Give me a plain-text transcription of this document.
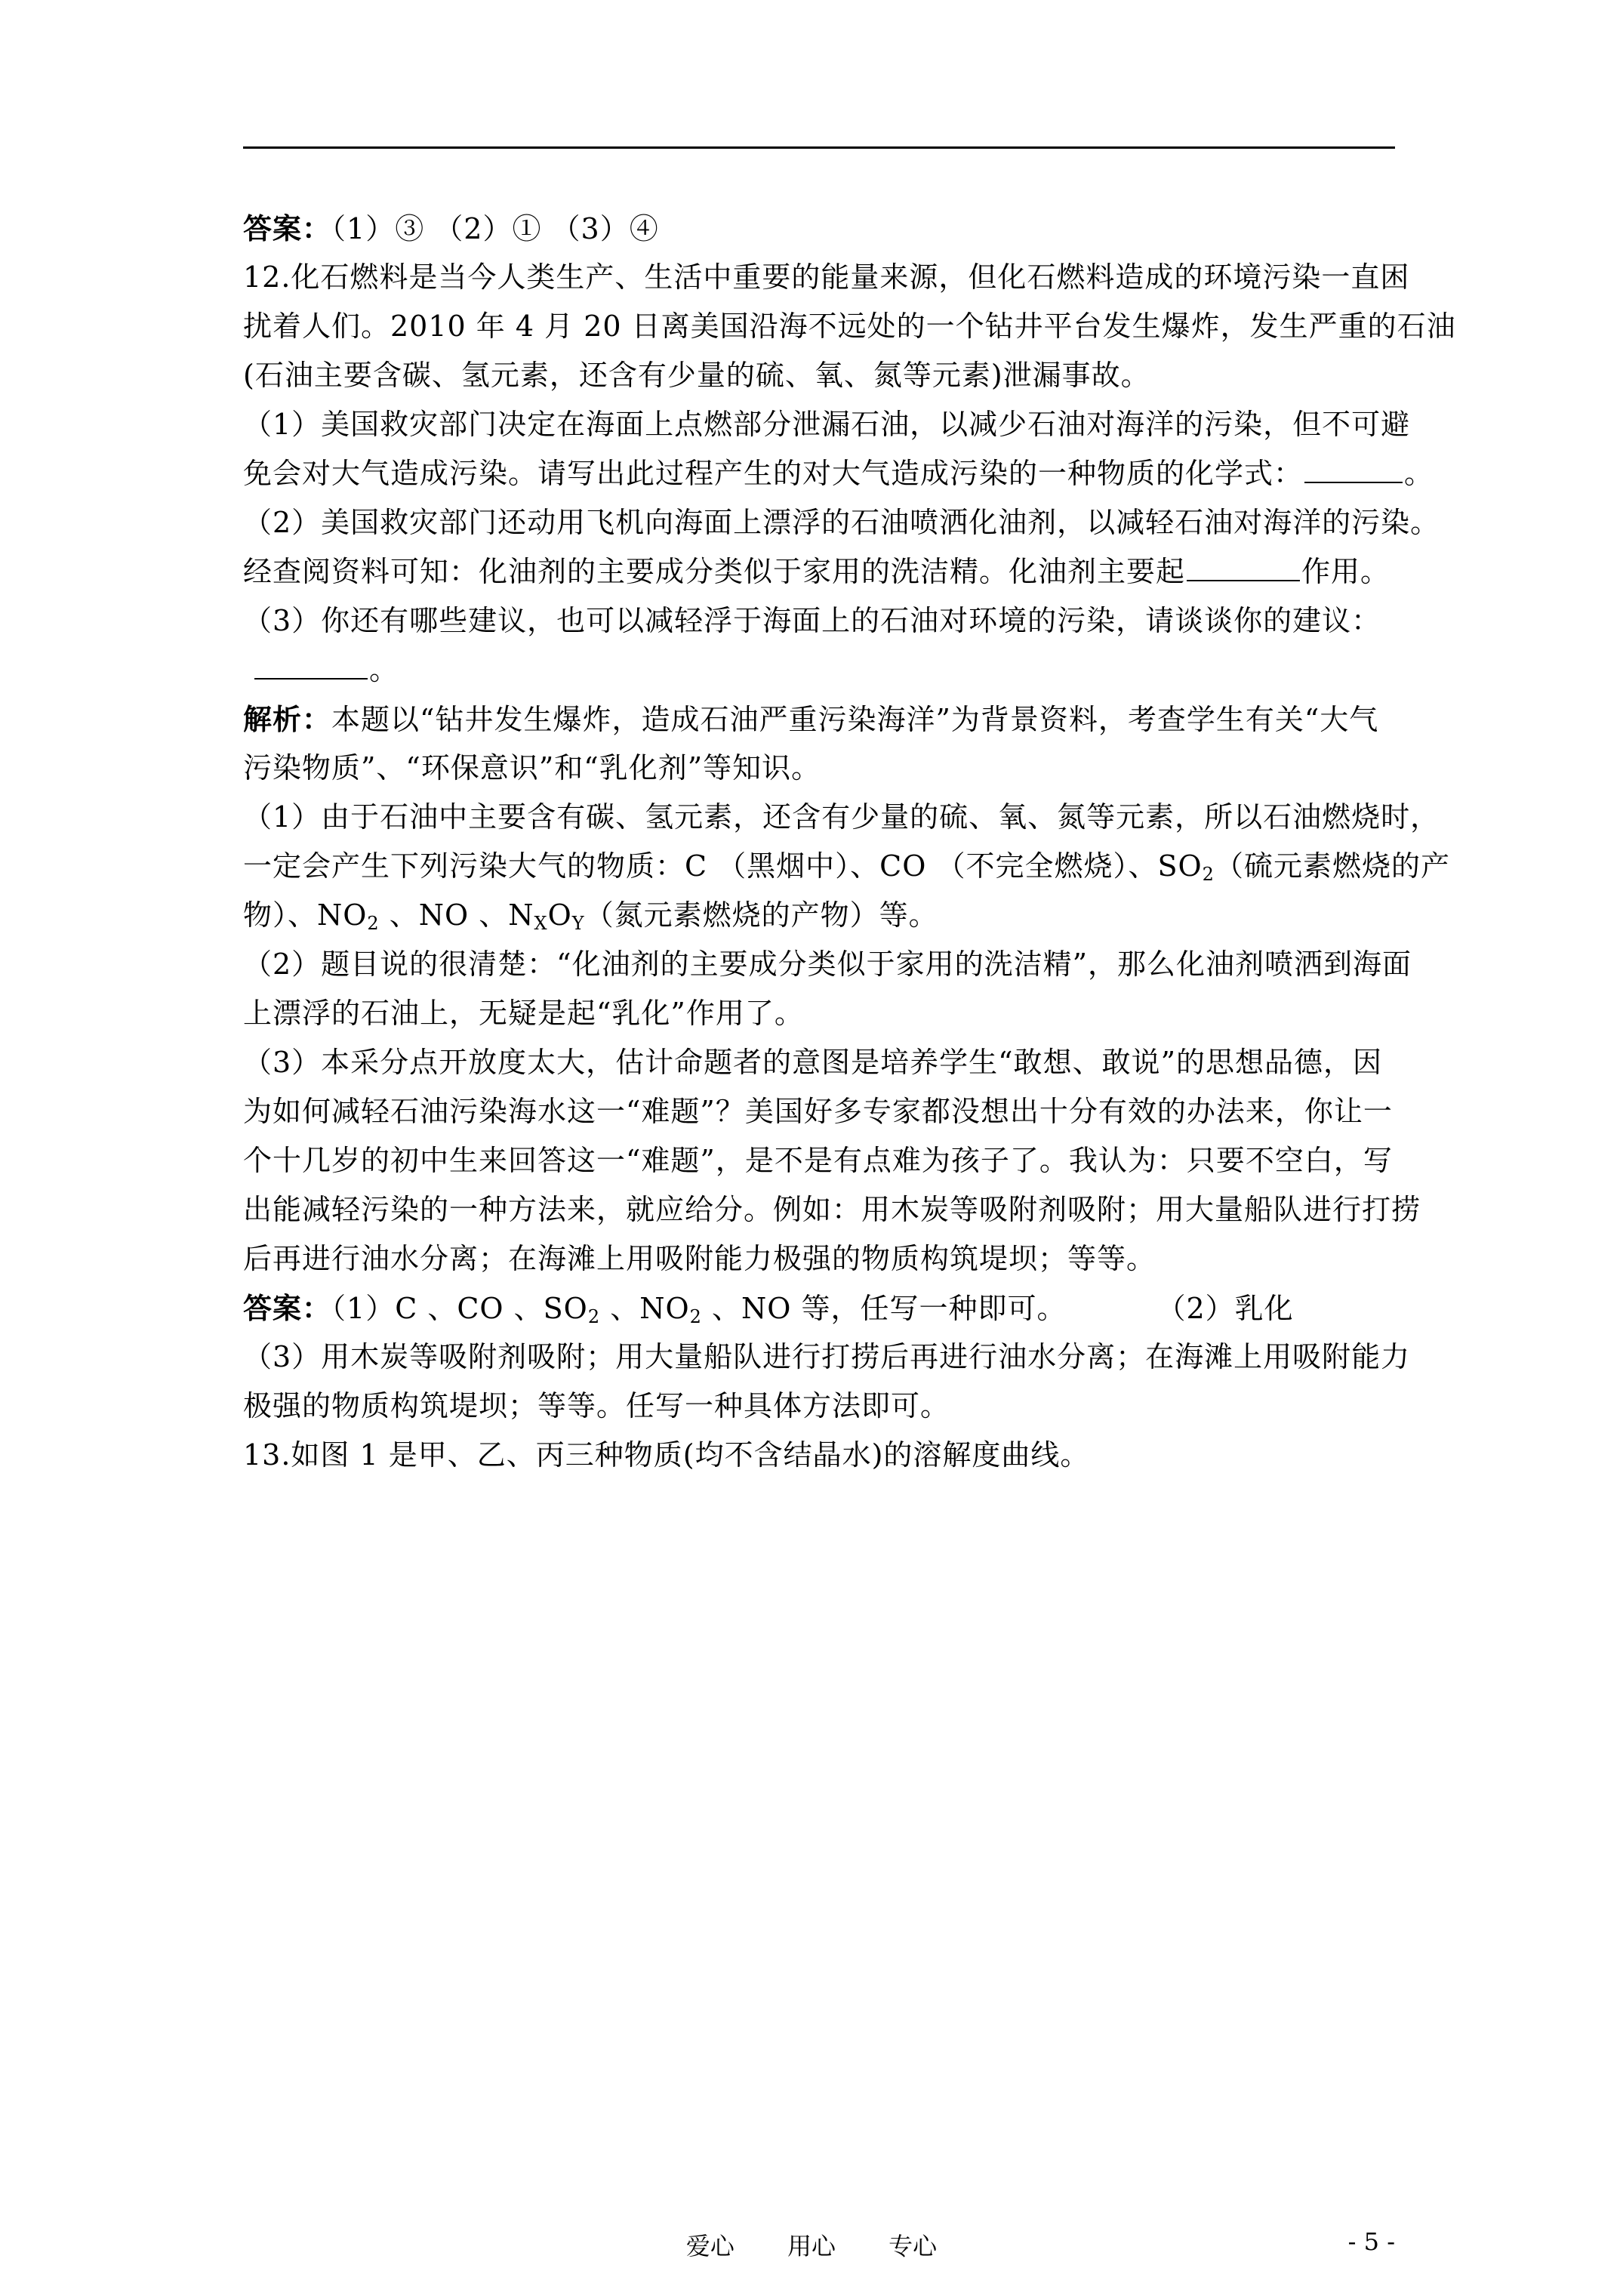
答案：（1）③ （2）① （3）④
12.化石燃料是当今人类生产、生活中重要的能量来源，但化石燃料造成的环境污染一直困
扰着人们。2010 年 4 月 20 日离美国沿海不远处的一个钻井平台发生爆炸，发生严重的石油
(石油主要含碳、氢元素，还含有少量的硫、氧、氮等元素)泄漏事故。
（1）美国救灾部门决定在海面上点燃部分泄漏石油，以减少石油对海洋的污染，但不可避
免会对大气造成污染。请写出此过程产生的对大气造成污染的一种物质的化学式：	。
（2）美国救灾部门还动用飞机向海面上漂浮的石油喷洒化油剂，以减轻石油对海洋的污染。
经查阅资料可知：化油剂的主要成分类似于家用的洗洁精。化油剂主要起	作用。
（3）你还有哪些建议，也可以减轻浮于海面上的石油对环境的污染，请谈谈你的建议：
。
解析：本题以“钻井发生爆炸，造成石油严重污染海洋”为背景资料，考查学生有关“大气
污染物质”、“环保意识”和“乳化剂”等知识。
（1）由于石油中主要含有碳、氢元素，还含有少量的硫、氧、氮等元素，所以石油燃烧时，
一定会产生下列污染大气的物质：C （黑烟中）、CO （不完全燃烧）、$SO_2$（硫元素燃烧的产
物）、$NO_2$ 、NO 、$N_XO_Y$（氮元素燃烧的产物）等。
（2）题目说的很清楚：“化油剂的主要成分类似于家用的洗洁精”，那么化油剂喷洒到海面
上漂浮的石油上，无疑是起“乳化”作用了。
（3）本采分点开放度太大，估计命题者的意图是培养学生“敢想、敢说”的思想品德，因
为如何减轻石油污染海水这一“难题”？美国好多专家都没想出十分有效的办法来，你让一
个十几岁的初中生来回答这一“难题”，是不是有点难为孩子了。我认为：只要不空白，写
出能减轻污染的一种方法来，就应给分。例如：用木炭等吸附剂吸附；用大量船队进行打捞
后再进行油水分离；在海滩上用吸附能力极强的物质构筑堤坝；等等。
答案：（1）C 、CO 、$SO_2$ 、$NO_2$ 、NO 等，任写一种即可。	（2）乳化
（3）用木炭等吸附剂吸附；用大量船队进行打捞后再进行油水分离；在海滩上用吸附能力
极强的物质构筑堤坝；等等。任写一种具体方法即可。
13.如图 1 是甲、乙、丙三种物质(均不含结晶水)的溶解度曲线。
爱心 用心 专心	- 5 -
